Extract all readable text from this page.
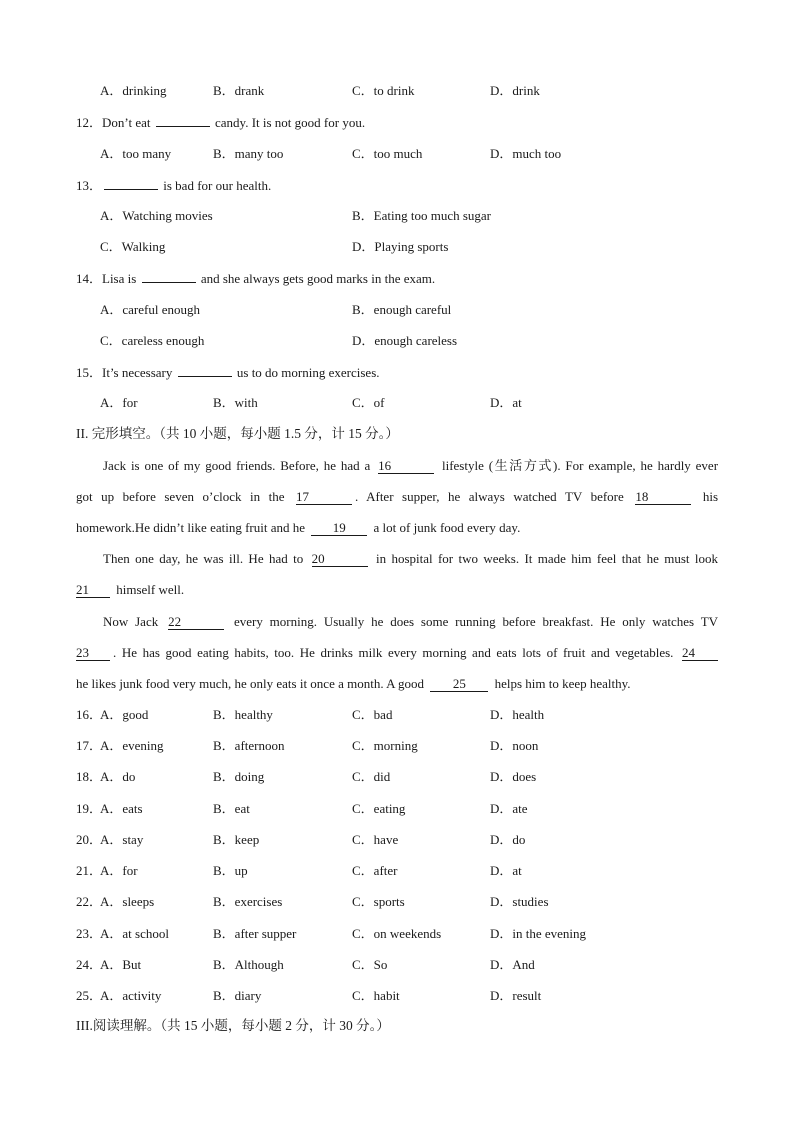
A．drinking	B．drank	C．to drink	D．drink
12．Don’t eat	candy. It is not good for you.
A．too many	B．many too	C．too much	D．much too
13．	is bad for our health.
A．Watching movies	B．Eating too much sugar
C．Walking	D．Playing sports
14．Lisa is	and she always gets good marks in the exam.
A．careful enough	B．enough careful
C．careless enough	D．enough careless
15．It’s necessary	us to do morning exercises.
A．for	B．with	C．of	D．at
II. 完形填空。（共 10 小题，每小题 1.5 分，计 15 分。）
Jack is one of my good friends. Before, he had a 16	lifestyle (生活方式). For example, he hardly ever
got up before seven o’clock in the 17	. After supper, he always watched TV before 18	his
homework.He didn’t like eating fruit and he 19 a lot of junk food every day.
Then one day, he was ill. He had to 20	in hospital for two weeks. It made him feel that he must look
21 himself well.
Now Jack 22	every morning. Usually he does some running before breakfast. He only watches TV
23 . He has good eating habits, too. He drinks milk every morning and eats lots of fruit and vegetables. 24
he likes junk food very much, he only eats it once a month. A good 25 helps him to keep healthy.
16．
A．good	B．healthy	C．bad	D．health
17．
A．evening	B．afternoon	C．morning	D．noon
18．
A．do	B．doing	C．did	D．does
19．
A．eats	B．eat	C．eating	D．ate
20．
A．stay	B．keep	C．have	D．do
21．
A．for	B．up	C．after	D．at
22．
A．sleeps	B．exercises	C．sports	D．studies
23．
A．at school	B．after supper	C．on weekends	D．in the evening
24．
A．But	B．Although	C．So	D．And
25．
A．activity	B．diary	C．habit	D．result
III.阅读理解。（共 15 小题，每小题 2 分，计 30 分。）
